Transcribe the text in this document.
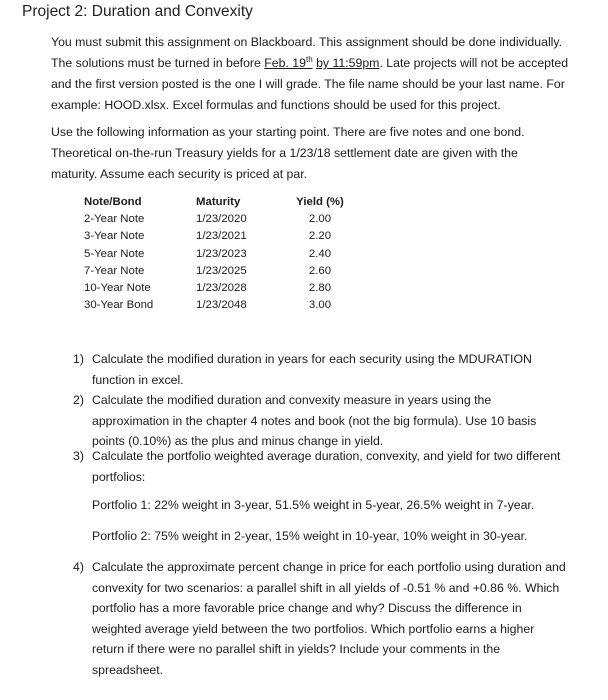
Project 2: Duration and Convexity
You must submit this assignment on Blackboard. This assignment should be done individually.
The solutions must be turned in before Feb. 19th by 11:59pm. Late projects will not be accepted
and the first version posted is the one I will grade. The file name should be your last name. For
example: HOOD.xlsx. Excel formulas and functions should be used for this project.
Use the following information as your starting point. There are five notes and one bond.
Theoretical on-the-run Treasury yields for a 1/23/18 settlement date are given with the
maturity. Assume each security is priced at par.
Note/Bond	Maturity	Yield (%)
2-Year Note	1/23/2020	2.00
3-Year Note	1/23/2021	2.20
5-Year Note	1/23/2023	2.40
7-Year Note	1/23/2025	2.60
10-Year Note	1/23/2028	2.80
30-Year Bond	1/23/2048	3.00
1) Calculate the modified duration in years for each security using the MDURATION
function in excel.
2) Calculate the modified duration and convexity measure in years using the
approximation in the chapter 4 notes and book (not the big formula). Use 10 basis
points (0.10%) as the plus and minus change in yield.
3) Calculate the portfolio weighted average duration, convexity, and yield for two different
portfolios:
Portfolio 1: 22% weight in 3-year, 51.5% weight in 5-year, 26.5% weight in 7-year.
Portfolio 2: 75% weight in 2-year, 15% weight in 10-year, 10% weight in 30-year.
4) Calculate the approximate percent change in price for each portfolio using duration and
convexity for two scenarios: a parallel shift in all yields of -0.51 % and +0.86 %. Which
portfolio has a more favorable price change and why? Discuss the difference in
weighted average yield between the two portfolios. Which portfolio earns a higher
return if there were no parallel shift in yields? Include your comments in the
spreadsheet.
